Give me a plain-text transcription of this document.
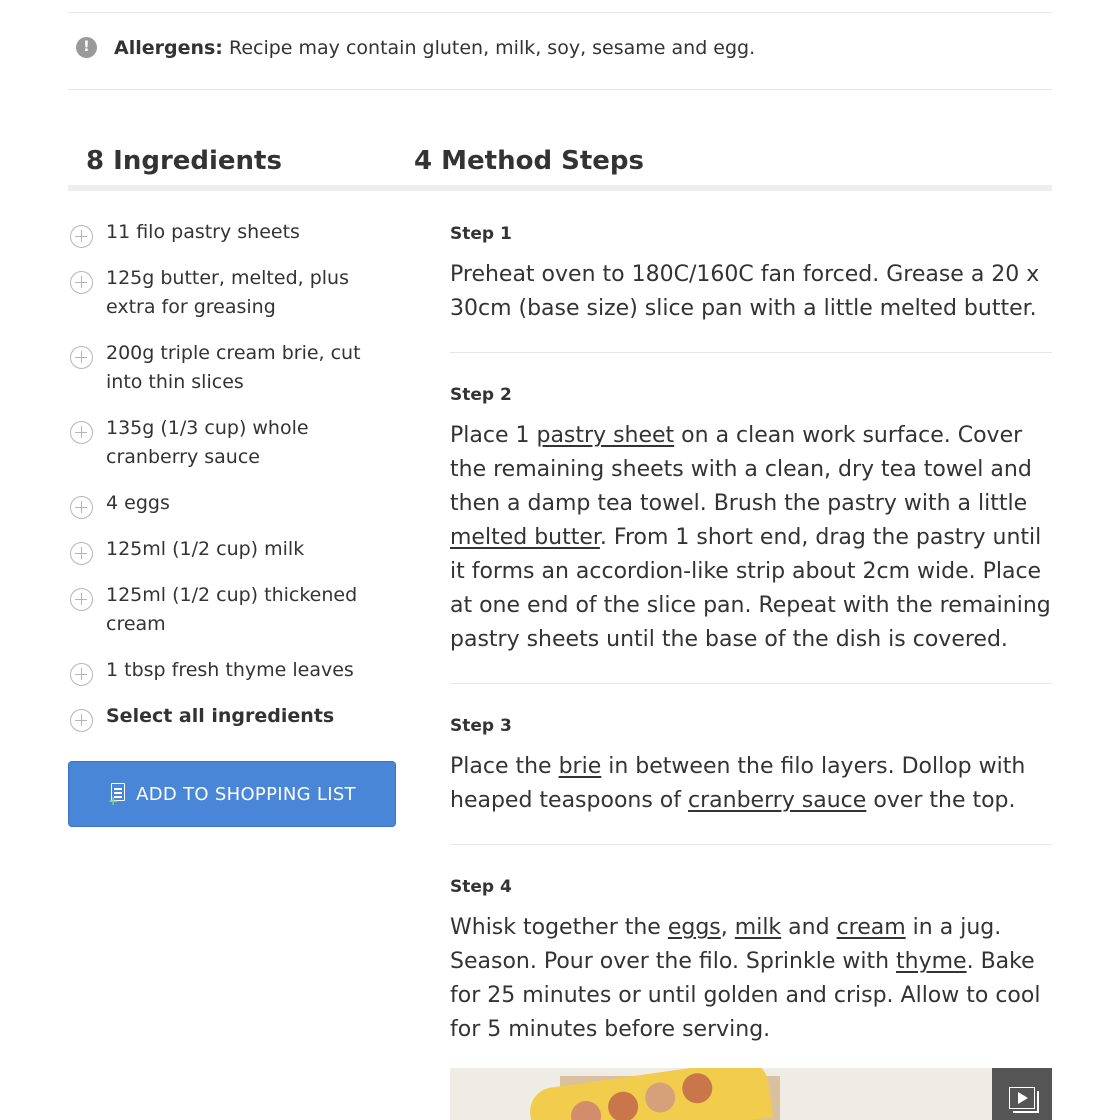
!	Allergens: Recipe may contain gluten, milk, soy, sesame and egg.
8 Ingredients	4 Method Steps
11 filo pastry sheets
125g butter, melted, plus extra for greasing
200g triple cream brie, cut into thin slices
135g (1/3 cup) whole cranberry sauce
4 eggs
125ml (1/2 cup) milk
125ml (1/2 cup) thickened cream
1 tbsp fresh thyme leaves
Select all ingredients
+ ADD TO SHOPPING LIST
Step 1

Preheat oven to 180C/160C fan forced. Grease a 20 x 30cm (base size) slice pan with a little melted butter.

Step 2

Place 1 pastry sheet on a clean work surface. Cover the remaining sheets with a clean, dry tea towel and then a damp tea towel. Brush the pastry with a little melted butter. From 1 short end, drag the pastry until it forms an accordion-like strip about 2cm wide. Place at one end of the slice pan. Repeat with the remaining pastry sheets until the base of the dish is covered.

Step 3

Place the brie in between the filo layers. Dollop with heaped teaspoons of cranberry sauce over the top.

Step 4

Whisk together the eggs, milk and cream in a jug. Season. Pour over the filo. Sprinkle with thyme. Bake for 25 minutes or until golden and crisp. Allow to cool for 5 minutes before serving.
